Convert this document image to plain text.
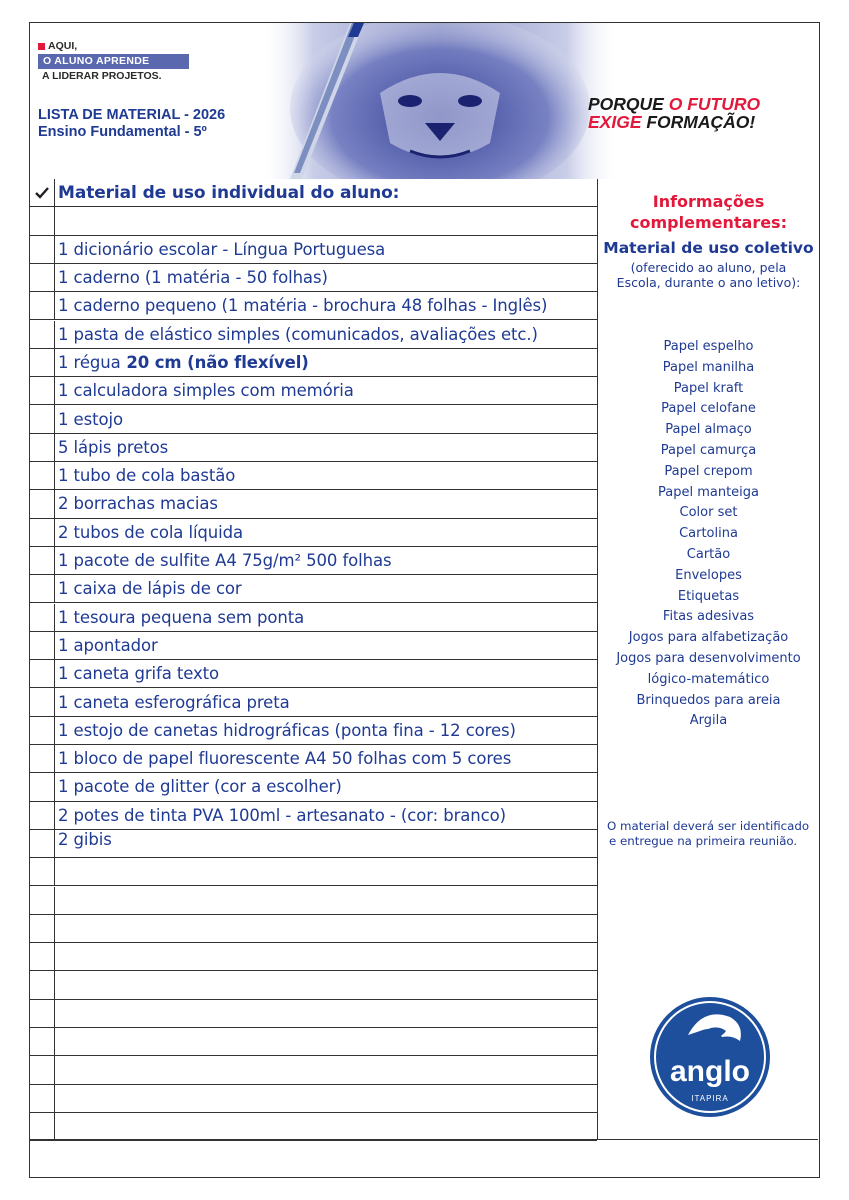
AQUI,
O ALUNO APRENDE
A LIDERAR PROJETOS.
LISTA DE MATERIAL - 2026
Ensino Fundamental - 5º
PORQUE O FUTURO
EXIGE FORMAÇÃO!
Material de uso individual do aluno:
1 dicionário escolar - Língua Portuguesa
1 caderno (1 matéria - 50 folhas)
1 caderno pequeno (1 matéria - brochura 48 folhas - Inglês)
1 pasta de elástico simples (comunicados, avaliações etc.)
1 régua 20 cm (não flexível)
1 calculadora simples com memória
1 estojo
5 lápis pretos
1 tubo de cola bastão
2 borrachas macias
2 tubos de cola líquida
1 pacote de sulfite A4 75g/m² 500 folhas
1 caixa de lápis de cor
1 tesoura pequena sem ponta
1 apontador
1 caneta grifa texto
1 caneta esferográfica preta
1 estojo de canetas hidrográficas (ponta fina - 12 cores)
1 bloco de papel fluorescente A4 50 folhas com 5 cores
1 pacote de glitter (cor a escolher)
2 potes de tinta PVA 100ml - artesanato - (cor: branco)
2 gibis
Informações
complementares:
Material de uso coletivo
(oferecido ao aluno, pela
Escola, durante o ano letivo):
Papel espelho
Papel manilha
Papel kraft
Papel celofane
Papel almaço
Papel camurça
Papel crepom
Papel manteiga
Color set
Cartolina
Cartão
Envelopes
Etiquetas
Fitas adesivas
Jogos para alfabetização
Jogos para desenvolvimento
lógico-matemático
Brinquedos para areia
Argila
O material deverá ser identificado
e entregue na primeira reunião.
anglo
ITAPIRA
